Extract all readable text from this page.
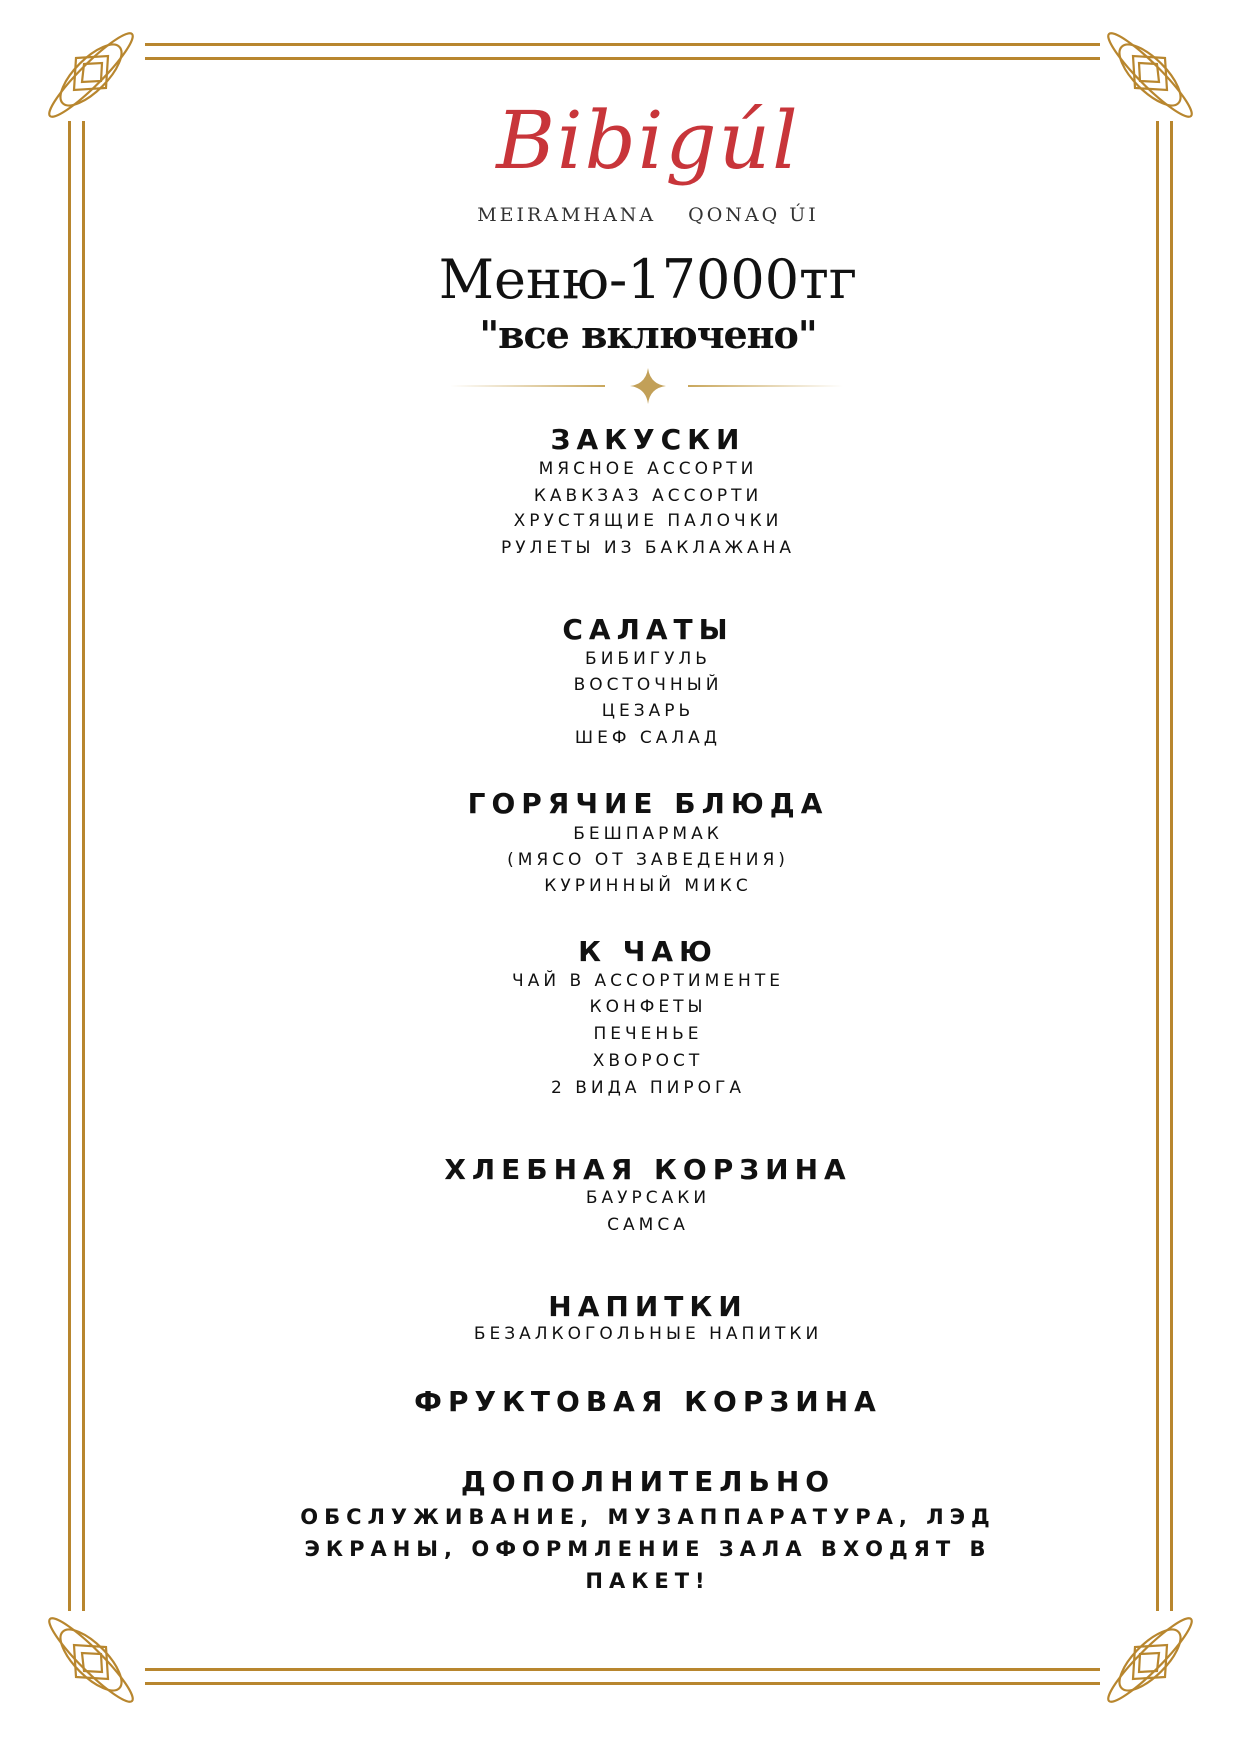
Bibigúl
MEIRAMHANA QONAQ ÚI
Меню-17000тг
"все включено"
ЗАКУСКИ
МЯСНОЕ АССОРТИ
КАВКЗАЗ АССОРТИ
ХРУСТЯЩИЕ ПАЛОЧКИ
РУЛЕТЫ ИЗ БАКЛАЖАНА
САЛАТЫ
БИБИГУЛЬ
ВОСТОЧНЫЙ
ЦЕЗАРЬ
ШЕФ САЛАД
ГОРЯЧИЕ БЛЮДА
БЕШПАРМАК
(МЯСО ОТ ЗАВЕДЕНИЯ)
КУРИННЫЙ МИКС
К ЧАЮ
ЧАЙ В АССОРТИМЕНТЕ
КОНФЕТЫ
ПЕЧЕНЬЕ
ХВОРОСТ
2 ВИДА ПИРОГА
ХЛЕБНАЯ КОРЗИНА
БАУРСАКИ
САМСА
НАПИТКИ
БЕЗАЛКОГОЛЬНЫЕ НАПИТКИ
ФРУКТОВАЯ КОРЗИНА
ДОПОЛНИТЕЛЬНО
ОБСЛУЖИВАНИЕ, МУЗАППАРАТУРА, ЛЭД
ЭКРАНЫ, ОФОРМЛЕНИЕ ЗАЛА ВХОДЯТ В
ПАКЕТ!
